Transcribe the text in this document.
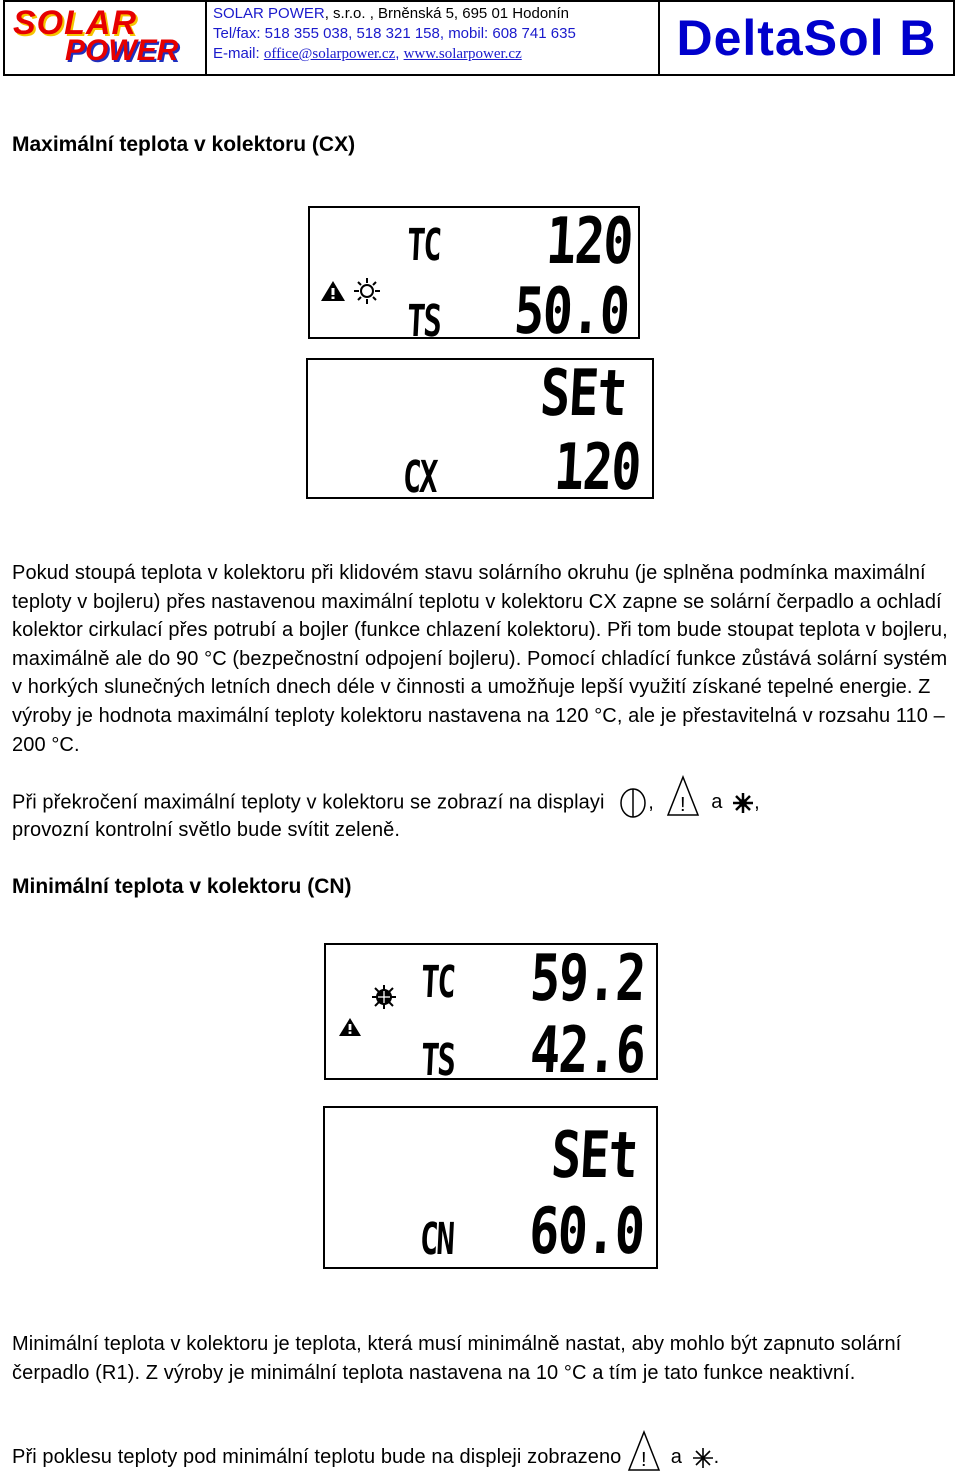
SOLAR
POWER
SOLAR POWER, s.r.o. , Brněnská 5, 695 01 Hodonín
Tel/fax: 518 355 038, 518 321 158, mobil: 608 741 635
E-mail: office@solarpower.cz, www.solarpower.cz	DeltaSol B
Maximální teplota v kolektoru (CX)
TC 120
TS 50.0
SEt
CX 120

Pokud stoupá teplota v kolektoru při klidovém stavu solárního okruhu (je splněna podmínka maximální teploty v bojleru) přes nastavenou maximální teplotu v kolektoru CX zapne se solární čerpadlo a ochladí kolektor cirkulací přes potrubí a bojler (funkce chlazení kolektoru). Při tom bude stoupat teplota v bojleru, maximálně ale do 90 °C (bezpečnostní odpojení bojleru). Pomocí chladící funkce zůstává solární systém v horkých slunečných letních dnech déle v činnosti a umožňuje lepší využití získané tepelné energie. Z výroby je hodnota maximální teploty kolektoru nastavena na 120 °C, ale je přestavitelná v rozsahu 110 – 200 °C.

Při překročení maximální teploty v kolektoru se zobrazí na displayi , ! a ,

provozní kontrolní světlo bude svítit zeleně.

Minimální teplota v kolektoru (CN)
TC 59.2
TS 42.6
SEt
CN 60.0

Minimální teplota v kolektoru je teplota, která musí minimálně nastat, aby mohlo být zapnuto solární čerpadlo (R1). Z výroby je minimální teplota nastavena na 10 °C a tím je tato funkce neaktivní.

Při poklesu teploty pod minimální teplotu bude na displeji zobrazeno ! a .
